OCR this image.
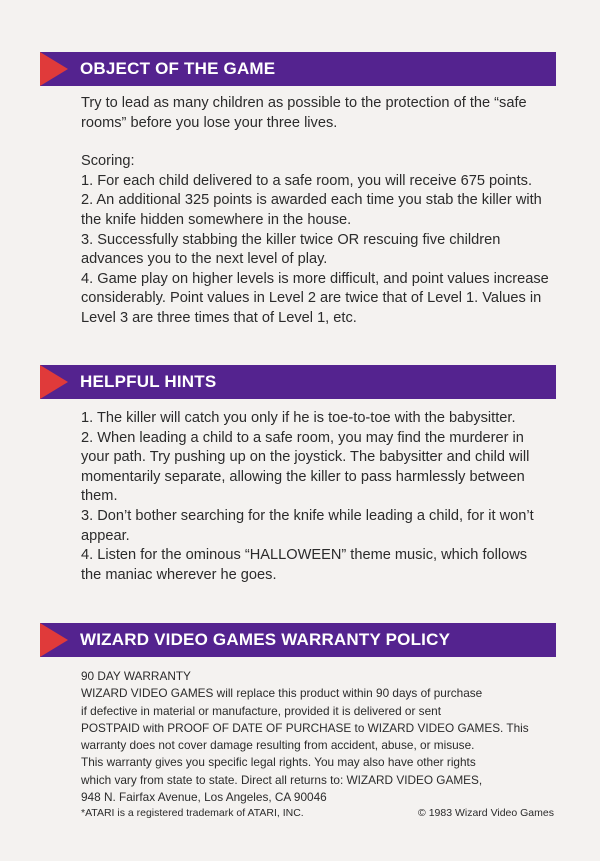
OBJECT OF THE GAME

Try to lead as many children as possible to the protection of the “safe rooms” before you lose your three lives.

Scoring:

1. For each child delivered to a safe room, you will receive 675 points.

2. An additional 325 points is awarded each time you stab the killer with the knife hidden somewhere in the house.

3. Successfully stabbing the killer twice OR rescuing five children advances you to the next level of play.

4. Game play on higher levels is more difficult, and point values increase considerably. Point values in Level 2 are twice that of Level 1. Values in Level 3 are three times that of Level 1, etc.

HELPFUL HINTS

1. The killer will catch you only if he is toe-to-toe with the babysitter.

2. When leading a child to a safe room, you may find the murderer in your path. Try pushing up on the joystick. The babysitter and child will momentarily separate, allowing the killer to pass harmlessly between them.

3. Don’t bother searching for the knife while leading a child, for it won’t appear.

4. Listen for the ominous “HALLOWEEN” theme music, which follows the maniac wherever he goes.

WIZARD VIDEO GAMES WARRANTY POLICY

90 DAY WARRANTY

WIZARD VIDEO GAMES will replace this product within 90 days of purchase

if defective in material or manufacture, provided it is delivered or sent

POSTPAID with PROOF OF DATE OF PURCHASE to WIZARD VIDEO GAMES. This

warranty does not cover damage resulting from accident, abuse, or misuse.

This warranty gives you specific legal rights. You may also have other rights

which vary from state to state. Direct all returns to: WIZARD VIDEO GAMES,

948 N. Fairfax Avenue, Los Angeles, CA 90046

*ATARI is a registered trademark of ATARI, INC.	© 1983 Wizard Video Games
